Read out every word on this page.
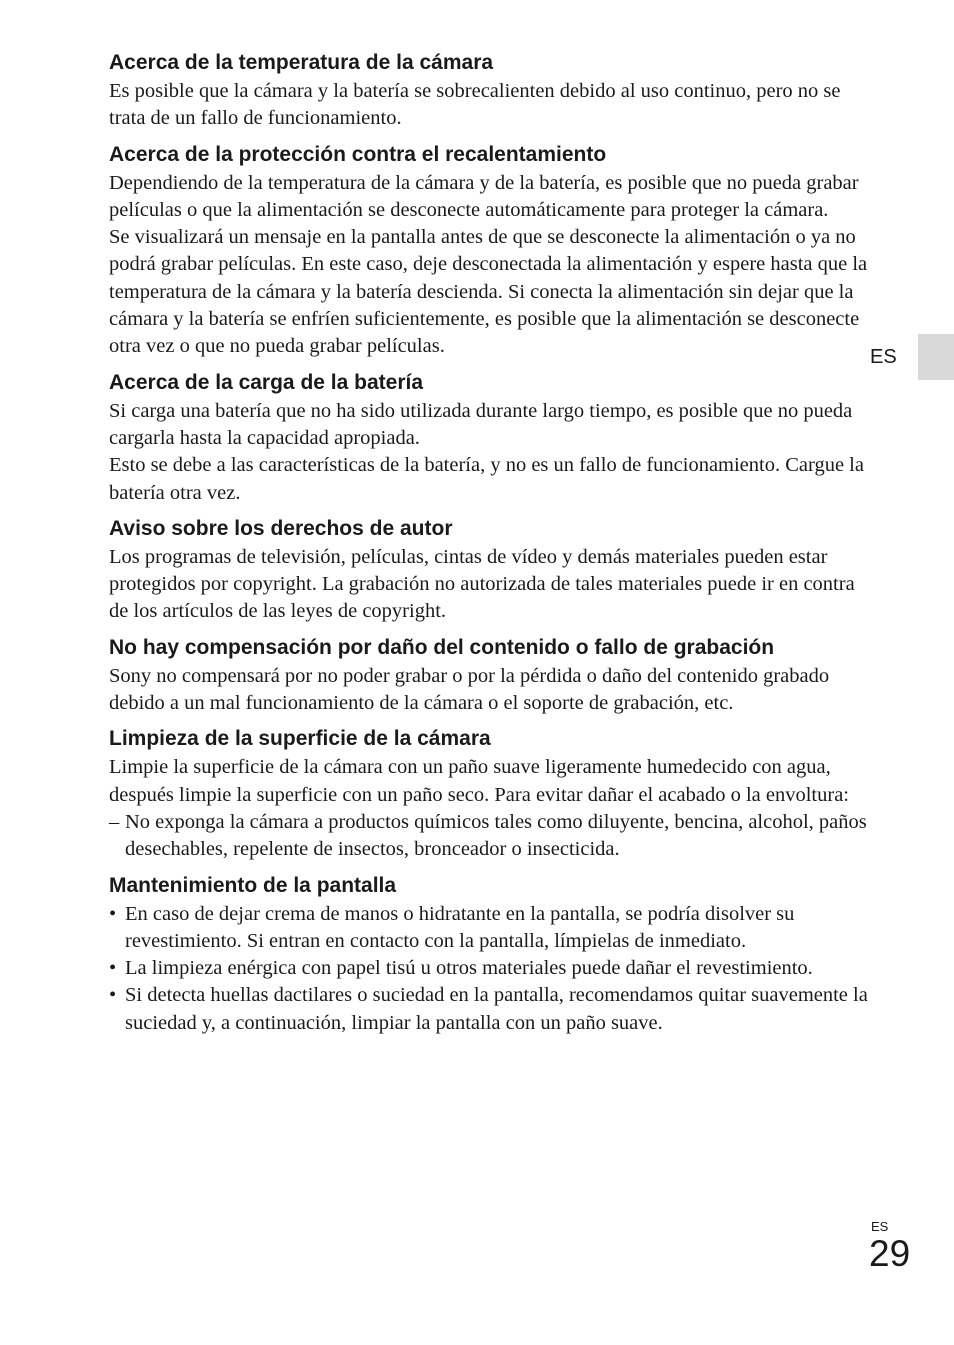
Acerca de la temperatura de la cámara

Es posible que la cámara y la batería se sobrecalienten debido al uso continuo, pero no se trata de un fallo de funcionamiento.

Acerca de la protección contra el recalentamiento

Dependiendo de la temperatura de la cámara y de la batería, es posible que no pueda grabar películas o que la alimentación se desconecte automáticamente para proteger la cámara.

Se visualizará un mensaje en la pantalla antes de que se desconecte la alimentación o ya no podrá grabar películas. En este caso, deje desconectada la alimentación y espere hasta que la temperatura de la cámara y la batería descienda. Si conecta la alimentación sin dejar que la cámara y la batería se enfríen suficientemente, es posible que la alimentación se desconecte otra vez o que no pueda grabar películas.

Acerca de la carga de la batería

Si carga una batería que no ha sido utilizada durante largo tiempo, es posible que no pueda cargarla hasta la capacidad apropiada.

Esto se debe a las características de la batería, y no es un fallo de funcionamiento. Cargue la batería otra vez.

Aviso sobre los derechos de autor

Los programas de televisión, películas, cintas de vídeo y demás materiales pueden estar protegidos por copyright. La grabación no autorizada de tales materiales puede ir en contra de los artículos de las leyes de copyright.

No hay compensación por daño del contenido o fallo de grabación

Sony no compensará por no poder grabar o por la pérdida o daño del contenido grabado debido a un mal funcionamiento de la cámara o el soporte de grabación, etc.

Limpieza de la superficie de la cámara

Limpie la superficie de la cámara con un paño suave ligeramente humedecido con agua, después limpie la superficie con un paño seco. Para evitar dañar el acabado o la envoltura:

– No exponga la cámara a productos químicos tales como diluyente, bencina, alcohol, paños desechables, repelente de insectos, bronceador o insecticida.
Mantenimiento de la pantalla
• En caso de dejar crema de manos o hidratante en la pantalla, se podría disolver su revestimiento. Si entran en contacto con la pantalla, límpielas de inmediato.
• La limpieza enérgica con papel tisú u otros materiales puede dañar el revestimiento.
• Si detecta huellas dactilares o suciedad en la pantalla, recomendamos quitar suavemente la suciedad y, a continuación, limpiar la pantalla con un paño suave.
ES
ES
29
